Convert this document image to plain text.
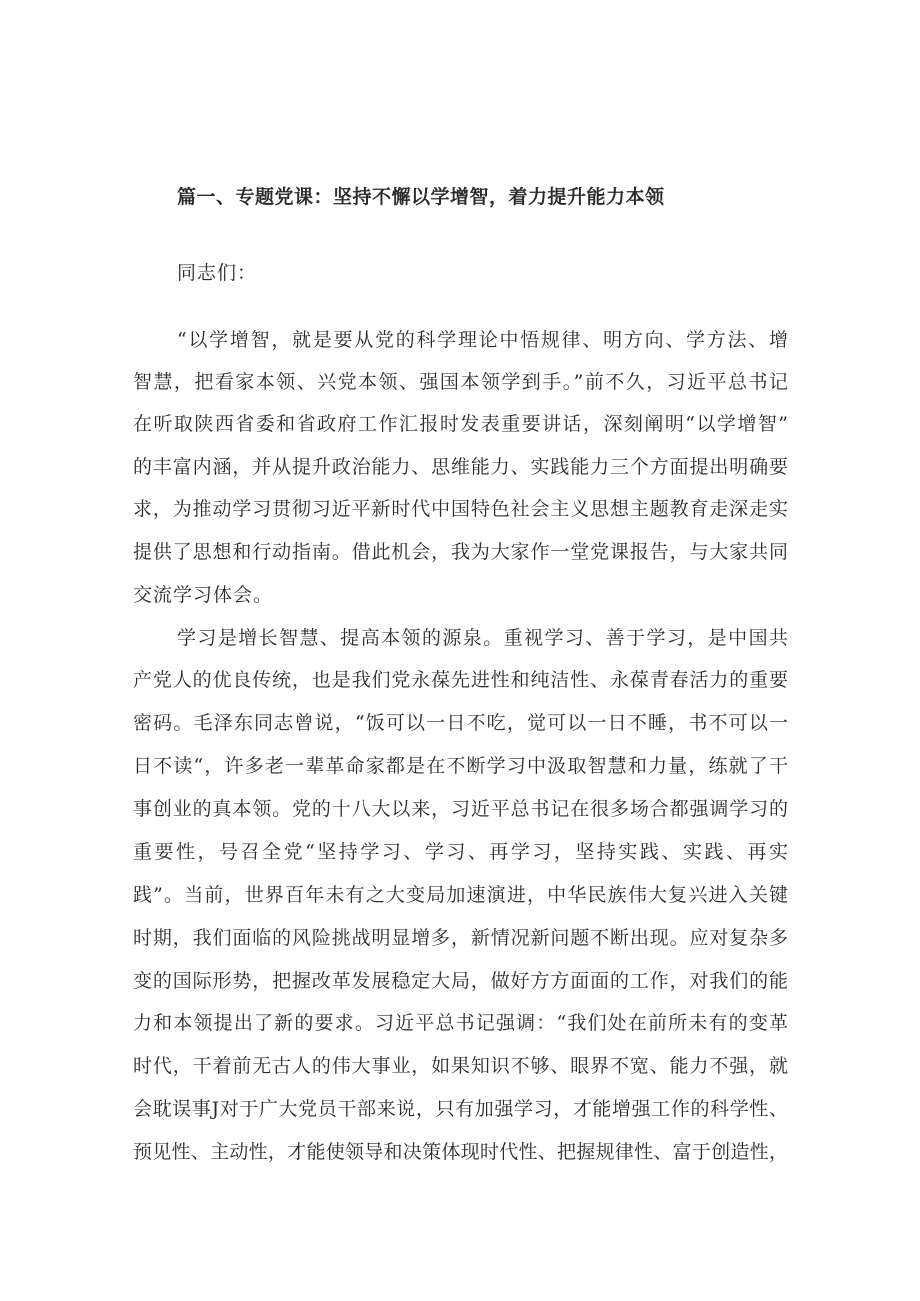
篇一、专题党课：坚持不懈以学增智，着力提升能力本领

同志们：

“以学增智，就是要从党的科学理论中悟规律、明方向、学方法、增

智慧，把看家本领、兴党本领、强国本领学到手。”前不久，习近平总书记

在听取陕西省委和省政府工作汇报时发表重要讲话，深刻阐明“以学增智”

的丰富内涵，并从提升政治能力、思维能力、实践能力三个方面提出明确要

求，为推动学习贯彻习近平新时代中国特色社会主义思想主题教育走深走实

提供了思想和行动指南。借此机会，我为大家作一堂党课报告，与大家共同

交流学习体会。

学习是增长智慧、提高本领的源泉。重视学习、善于学习，是中国共

产党人的优良传统，也是我们党永葆先进性和纯洁性、永葆青春活力的重要

密码。毛泽东同志曾说，“饭可以一日不吃，觉可以一日不睡，书不可以一

日不读“，许多老一辈革命家都是在不断学习中汲取智慧和力量，练就了干

事创业的真本领。党的十八大以来，习近平总书记在很多场合都强调学习的

重要性，号召全党“坚持学习、学习、再学习，坚持实践、实践、再实

践”。当前，世界百年未有之大变局加速演进，中华民族伟大复兴进入关键

时期，我们面临的风险挑战明显增多，新情况新问题不断出现。应对复杂多

变的国际形势，把握改革发展稳定大局，做好方方面面的工作，对我们的能

力和本领提出了新的要求。习近平总书记强调：“我们处在前所未有的变革

时代，干着前无古人的伟大事业，如果知识不够、眼界不宽、能力不强，就

会耽误事J对于广大党员干部来说，只有加强学习，才能增强工作的科学性、

预见性、主动性，才能使领导和决策体现时代性、把握规律性、富于创造性，
